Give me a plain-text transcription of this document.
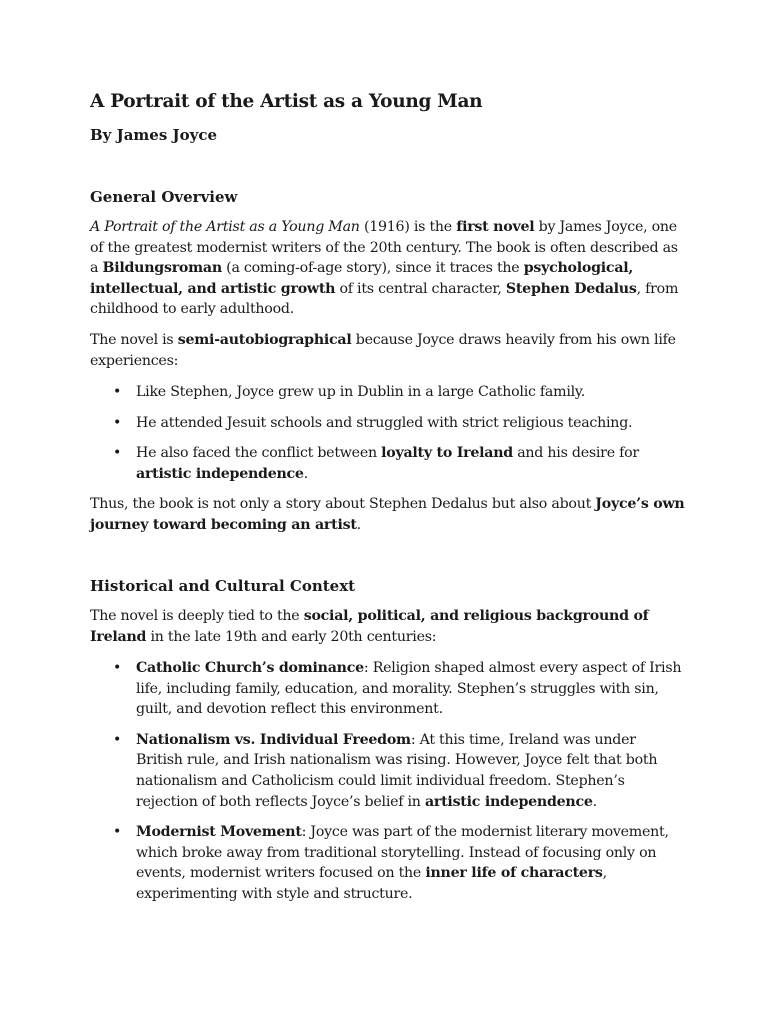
A Portrait of the Artist as a Young Man

By James Joyce

General Overview

A Portrait of the Artist as a Young Man (1916) is the first novel by James Joyce, one of the greatest modernist writers of the 20th century. The book is often described as a Bildungsroman (a coming-of-age story), since it traces the psychological, intellectual, and artistic growth of its central character, Stephen Dedalus, from childhood to early adulthood.

The novel is semi-autobiographical because Joyce draws heavily from his own life experiences:

• Like Stephen, Joyce grew up in Dublin in a large Catholic family.
• He attended Jesuit schools and struggled with strict religious teaching.
• He also faced the conflict between loyalty to Ireland and his desire for artistic independence.

Thus, the book is not only a story about Stephen Dedalus but also about Joyce’s own journey toward becoming an artist.

Historical and Cultural Context

The novel is deeply tied to the social, political, and religious background of Ireland in the late 19th and early 20th centuries:

• Catholic Church’s dominance: Religion shaped almost every aspect of Irish life, including family, education, and morality. Stephen’s struggles with sin, guilt, and devotion reflect this environment.
• Nationalism vs. Individual Freedom: At this time, Ireland was under British rule, and Irish nationalism was rising. However, Joyce felt that both nationalism and Catholicism could limit individual freedom. Stephen’s rejection of both reflects Joyce’s belief in artistic independence.
• Modernist Movement: Joyce was part of the modernist literary movement, which broke away from traditional storytelling. Instead of focusing only on events, modernist writers focused on the inner life of characters, experimenting with style and structure.
